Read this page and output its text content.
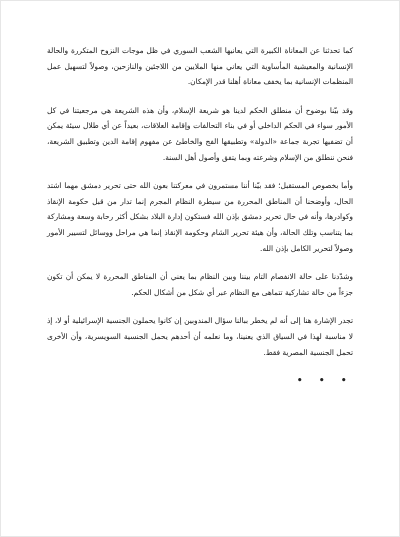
كما تحدثنا عن المعاناة الكبيرة التي يعانيها الشعب السوري في ظل موجات النزوح المتكررة والحالة الإنسانية والمعيشية المأساوية التي يعاني منها الملايين من اللاجئين والنازحين، وصولاً لتسهيل عمل المنظمات الإنسانية بما يخفف معاناة أهلنا قدر الإمكان.

وقد بيّنا بوضوح أن منطلق الحكم لدينا هو شريعة الإسلام، وأن هذه الشريعة هي مرجعيتنا في كل الأمور سواء في الحكم الداخلي أو في بناء التحالفات وإقامة العلاقات، بعيداً عن أي طلال سيئة يمكن أن تضفيها تجربة جماعة «الدولة» وتطبيقها الفج والخاطئ عن مفهوم إقامة الدين وتطبيق الشريعة، فنحن ننطلق من الإسلام وشرعته وبما يتفق وأصول أهل السنة.

وأما بخصوص المستقبل؛ فقد بيّنا أننا مستمرون في معركتنا بعون الله حتى تحرير دمشق مهما اشتد الحال، وأوضحنا أن المناطق المحررة من سيطرة النظام المجرم إنما تدار من قبل حكومة الإنقاذ وكوادرها، وأنه في حال تحرير دمشق بإذن الله فستكون إدارة البلاد بشكل أكثر رحابة وسعة ومشاركة بما يتناسب وتلك الحالة، وأن هيئة تحرير الشام وحكومة الإنقاذ إنما هي مراحل ووسائل لتسيير الأمور وصولاً لتحرير الكامل بإذن الله.

وشدّدنا على حالة الانفصام التام بيننا وبين النظام بما يعني أن المناطق المحررة لا يمكن أن تكون جزءاً من حالة تشاركية تتماهى مع النظام عبر أي شكل من أشكال الحكم.

تجدر الإشارة هنا إلى أنه لم يخطر ببالنا سؤال المندوبين إن كانوا يحملون الجنسية الإسرائيلية أو لا، إذ لا مناسبة لهذا في السياق الذي يعنينا، وما نعلمه أن أحدهم يحمل الجنسية السويسرية، وأن الأخرى تحمل الجنسية المصرية فقط.

• • •
